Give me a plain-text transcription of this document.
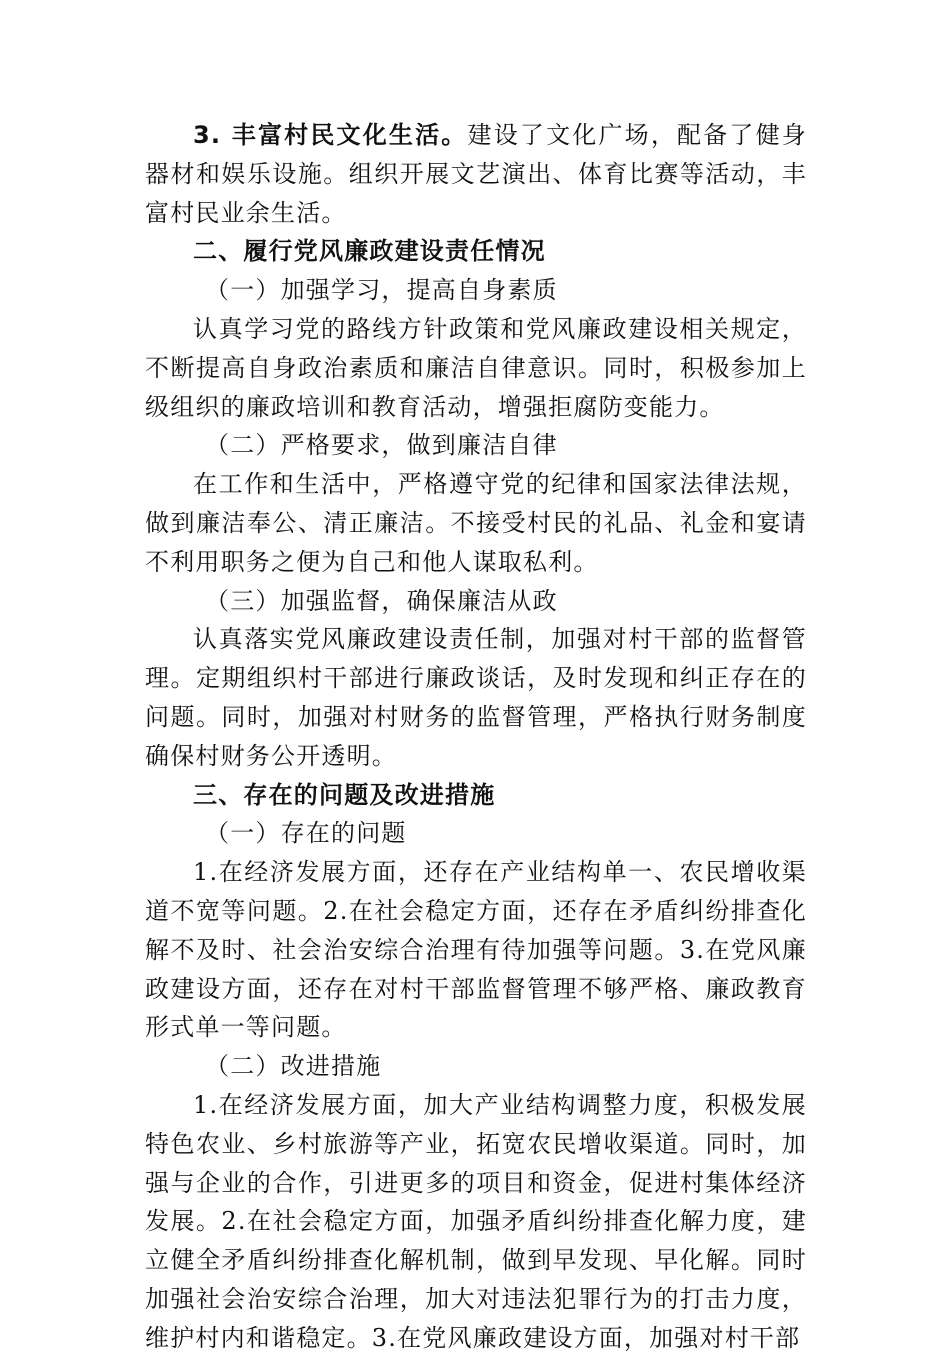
3. 丰富村民文化生活。建设了文化广场，配备了健身器材和娱乐设施。组织开展文艺演出、体育比赛等活动，丰富村民业余生活。

二、履行党风廉政建设责任情况

（一）加强学习，提高自身素质

认真学习党的路线方针政策和党风廉政建设相关规定，不断提高自身政治素质和廉洁自律意识。同时，积极参加上级组织的廉政培训和教育活动，增强拒腐防变能力。

（二）严格要求，做到廉洁自律

在工作和生活中，严格遵守党的纪律和国家法律法规，做到廉洁奉公、清正廉洁。不接受村民的礼品、礼金和宴请不利用职务之便为自己和他人谋取私利。

（三）加强监督，确保廉洁从政

认真落实党风廉政建设责任制，加强对村干部的监督管理。定期组织村干部进行廉政谈话，及时发现和纠正存在的问题。同时，加强对村财务的监督管理，严格执行财务制度确保村财务公开透明。

三、存在的问题及改进措施

（一）存在的问题

1.在经济发展方面，还存在产业结构单一、农民增收渠道不宽等问题。2.在社会稳定方面，还存在矛盾纠纷排查化解不及时、社会治安综合治理有待加强等问题。3.在党风廉政建设方面，还存在对村干部监督管理不够严格、廉政教育形式单一等问题。

（二）改进措施

1.在经济发展方面，加大产业结构调整力度，积极发展特色农业、乡村旅游等产业，拓宽农民增收渠道。同时，加强与企业的合作，引进更多的项目和资金，促进村集体经济发展。2.在社会稳定方面，加强矛盾纠纷排查化解力度，建立健全矛盾纠纷排查化解机制，做到早发现、早化解。同时加强社会治安综合治理，加大对违法犯罪行为的打击力度，维护村内和谐稳定。3.在党风廉政建设方面，加强对村干部
